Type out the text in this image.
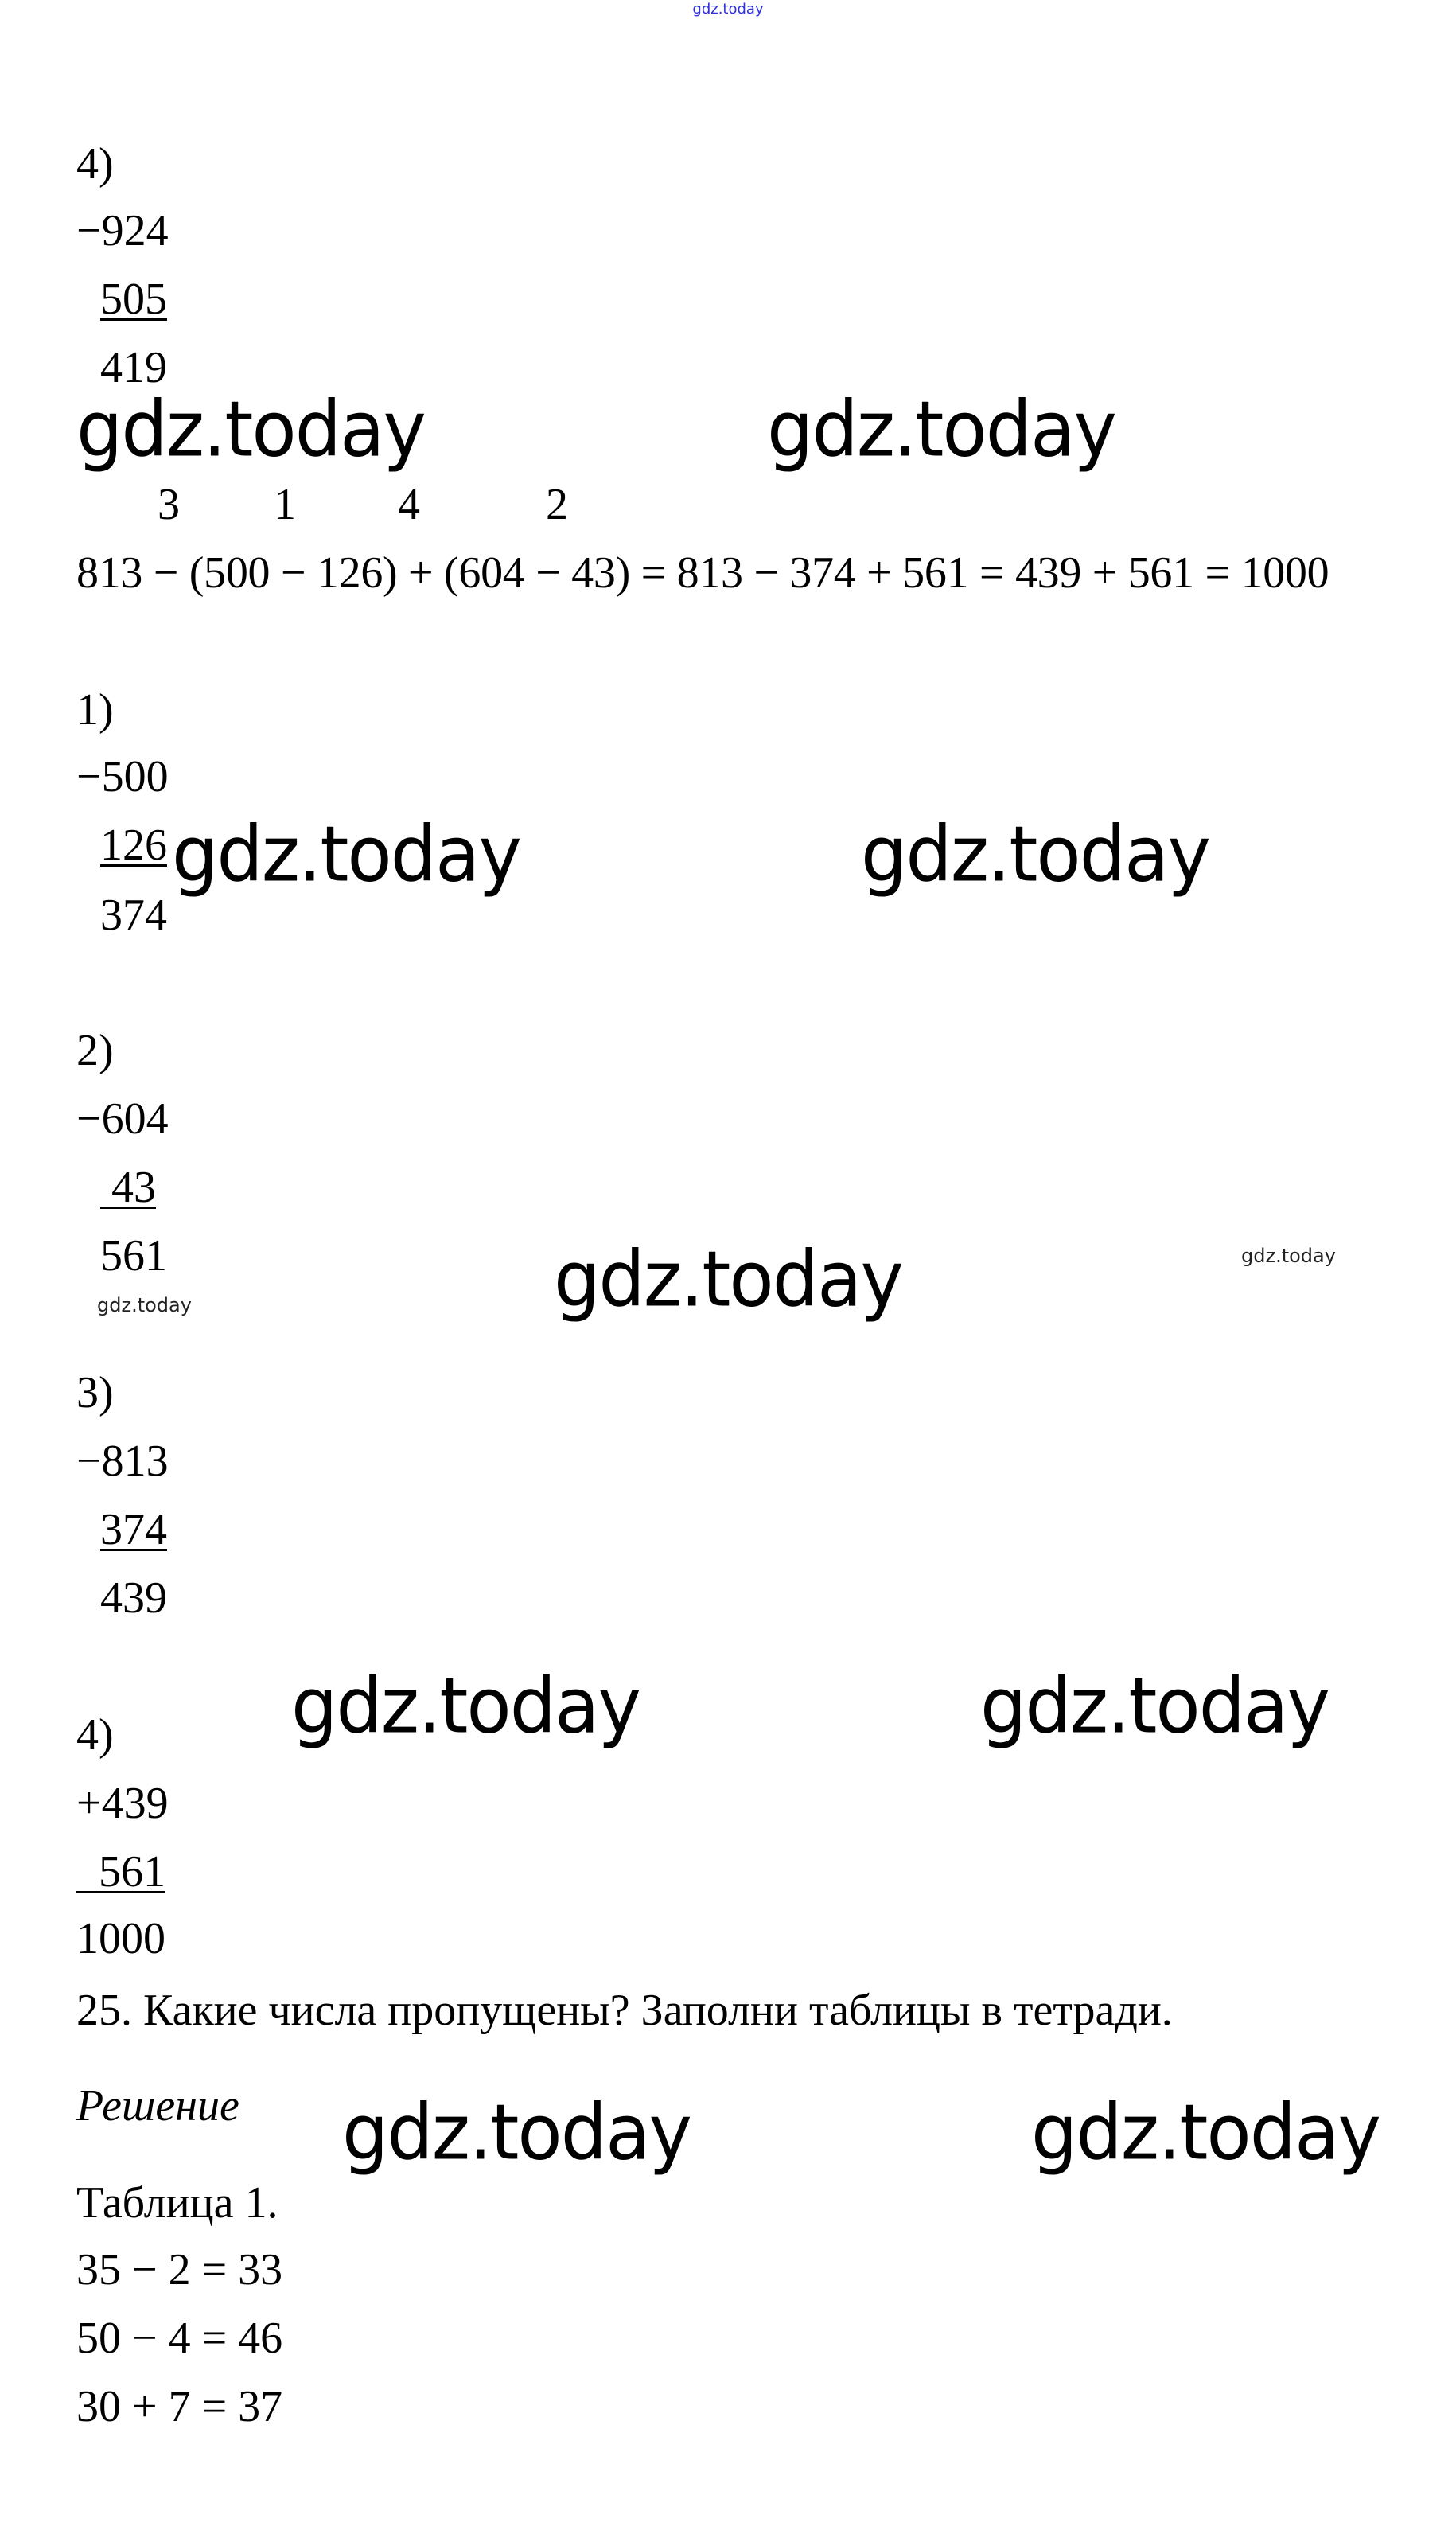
gdz.today
4)
−924
505
419
gdz.today	gdz.today
3 1 4	2
813 − (500 − 126) + (604 − 43) = 813 − 374 + 561 = 439 + 561 = 1000
1)
−500
126
374
gdz.today	gdz.today
2)
−604
43
561	gdz.today
gdz.today
gdz.today
3)
−813
374
439
gdz.today	gdz.today
4)
+439
561
1000
25. Какие числа пропущены? Заполни таблицы в тетради.
Решение gdz.today	gdz.today
Таблица 1.
35 − 2 = 33
50 − 4 = 46
30 + 7 = 37
